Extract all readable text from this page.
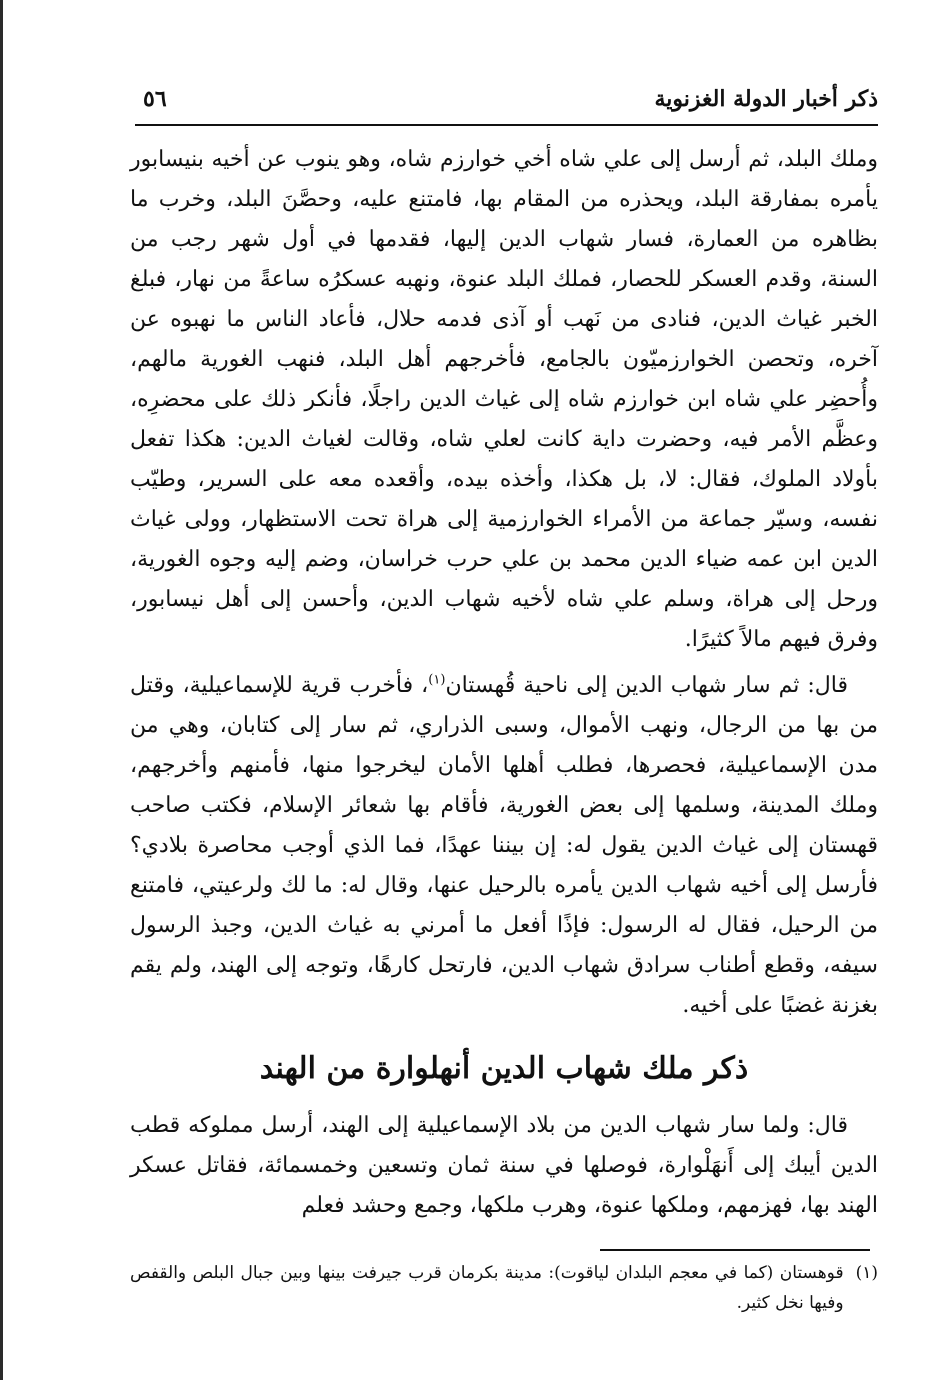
ذكر أخبار الدولة الغزنوية
٥٦

وملك البلد، ثم أرسل إلى علي شاه أخي خوارزم شاه، وهو ينوب عن أخيه بنيسابور يأمره بمفارقة البلد، ويحذره من المقام بها، فامتنع عليه، وحصَّنَ البلد، وخرب ما بظاهره من العمارة، فسار شهاب الدين إليها، فقدمها في أول شهر رجب من السنة، وقدم العسكر للحصار، فملك البلد عنوة، ونهبه عسكرُه ساعةً من نهار، فبلغ الخبر غياث الدين، فنادى من نَهب أو آذى فدمه حلال، فأعاد الناس ما نهبوه عن آخره، وتحصن الخوارزميّون بالجامع، فأخرجهم أهل البلد، فنهب الغورية مالهم، وأُحضِر علي شاه ابن خوارزم شاه إلى غياث الدين راجلًا، فأنكر ذلك على محضرِه، وعظَّم الأمر فيه، وحضرت داية كانت لعلي شاه، وقالت لغياث الدين: هكذا تفعل بأولاد الملوك، فقال: لا، بل هكذا، وأخذه بيده، وأقعده معه على السرير، وطيّب نفسه، وسيّر جماعة من الأمراء الخوارزمية إلى هراة تحت الاستظهار، وولى غياث الدين ابن عمه ضياء الدين محمد بن علي حرب خراسان، وضم إليه وجوه الغورية، ورحل إلى هراة، وسلم علي شاه لأخيه شهاب الدين، وأحسن إلى أهل نيسابور، وفرق فيهم مالاً كثيرًا.

قال: ثم سار شهاب الدين إلى ناحية قُهستان$^{(١)}$، فأخرب قرية للإسماعيلية، وقتل من بها من الرجال، ونهب الأموال، وسبى الذراري، ثم سار إلى كتابان، وهي من مدن الإسماعيلية، فحصرها، فطلب أهلها الأمان ليخرجوا منها، فأمنهم وأخرجهم، وملك المدينة، وسلمها إلى بعض الغورية، فأقام بها شعائر الإسلام، فكتب صاحب قهستان إلى غياث الدين يقول له: إن بيننا عهدًا، فما الذي أوجب محاصرة بلادي؟ فأرسل إلى أخيه شهاب الدين يأمره بالرحيل عنها، وقال له: ما لك ولرعيتي، فامتنع من الرحيل، فقال له الرسول: فإذًا أفعل ما أمرني به غياث الدين، وجبذ الرسول سيفه، وقطع أطناب سرادق شهاب الدين، فارتحل كارهًا، وتوجه إلى الهند، ولم يقم بغزنة غضبًا على أخيه.

ذكر ملك شهاب الدين أنهلوارة من الهند

قال: ولما سار شهاب الدين من بلاد الإسماعيلية إلى الهند، أرسل مملوكه قطب الدين أيبك إلى أَنهَلْوارة، فوصلها في سنة ثمان وتسعين وخمسمائة، فقاتل عسكر الهند بها، فهزمهم، وملكها عنوة، وهرب ملكها، وجمع وحشد فعلم

(١)
قوهستان (كما في معجم البلدان لياقوت): مدينة بكرمان قرب جيرفت بينها وبين جبال البلص والقفص وفيها نخل كثير.
